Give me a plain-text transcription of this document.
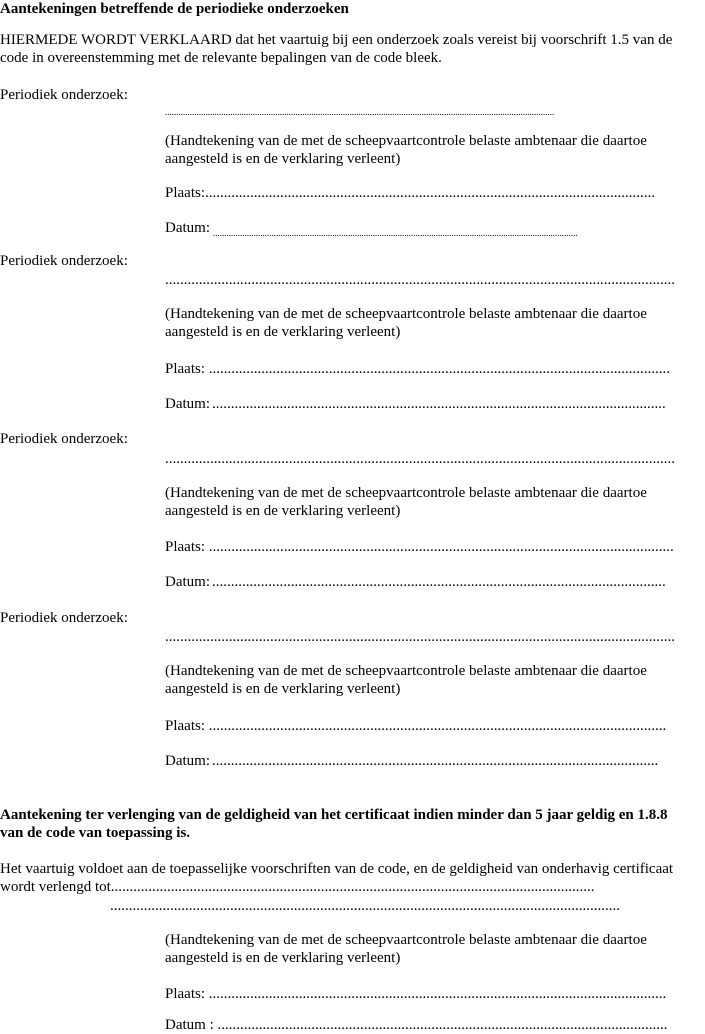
Aantekeningen betreffende de periodieke onderzoeken
HIERMEDE WORDT VERKLAARD dat het vaartuig bij een onderzoek zoals vereist bij voorschrift 1.5 van de
code in overeenstemming met de relevante bepalingen van de code bleek.
Periodiek onderzoek:
.............................................................................................................................................................................
(Handtekening van de met de scheepvaartcontrole belaste ambtenaar die daartoe
aangesteld is en de verklaring verleent)
Plaats:........................................................................................................................
Datum: ..................................................................................................................................................................
Periodiek onderzoek:
........................................................................................................................................
(Handtekening van de met de scheepvaartcontrole belaste ambtenaar die daartoe
aangesteld is en de verklaring verleent)
Plaats: ...........................................................................................................................
Datum: .........................................................................................................................
Periodiek onderzoek:
........................................................................................................................................
(Handtekening van de met de scheepvaartcontrole belaste ambtenaar die daartoe
aangesteld is en de verklaring verleent)
Plaats: ............................................................................................................................
Datum: .........................................................................................................................
Periodiek onderzoek:
........................................................................................................................................
(Handtekening van de met de scheepvaartcontrole belaste ambtenaar die daartoe
aangesteld is en de verklaring verleent)
Plaats: ..........................................................................................................................
Datum: .......................................................................................................................
Aantekening ter verlenging van de geldigheid van het certificaat indien minder dan 5 jaar geldig en 1.8.8
van de code van toepassing is.
Het vaartuig voldoet aan de toepasselijke voorschriften van de code, en de geldigheid van onderhavig certificaat
wordt verlengd tot.................................................................................................................................
........................................................................................................................................
(Handtekening van de met de scheepvaartcontrole belaste ambtenaar die daartoe
aangesteld is en de verklaring verleent)
Plaats: ..........................................................................................................................
Datum : ........................................................................................................................
